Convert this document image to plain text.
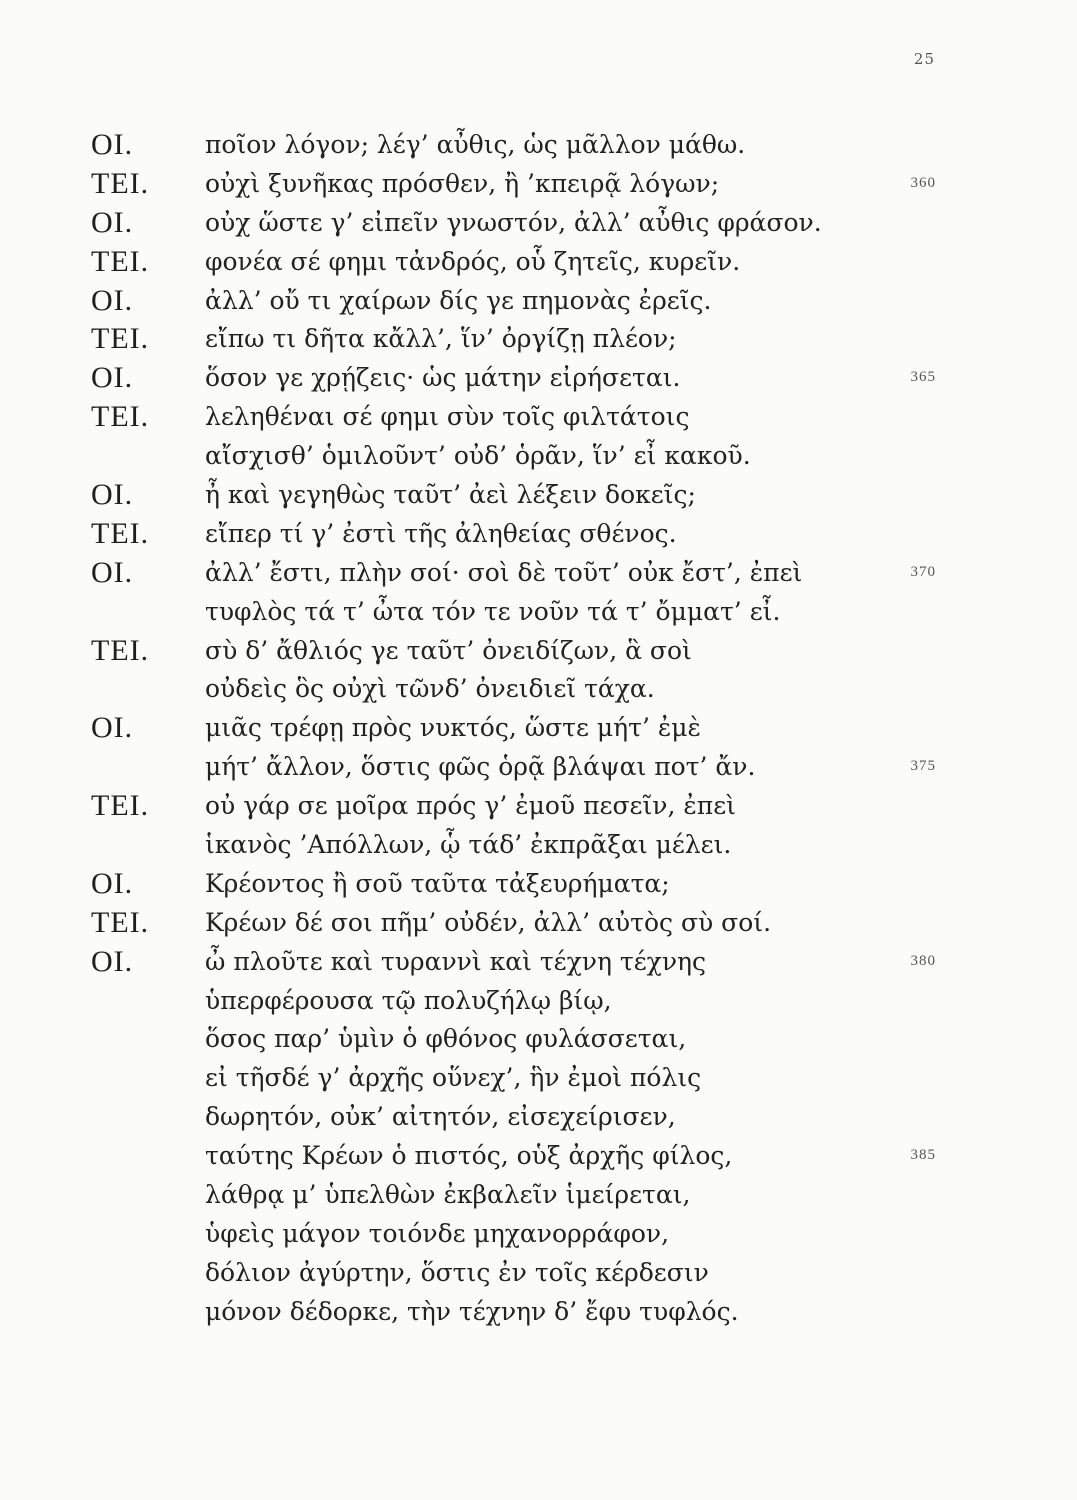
25
ΟΙ.	ποῖον λόγον; λέγ’ αὖθις, ὡς μᾶλλον μάθω.
ΤΕΙ. οὐχὶ ξυνῆκας πρόσθεν, ἢ ’κπειρᾷ λόγων;	360
ΟΙ.	οὐχ ὥστε γ’ εἰπεῖν γνωστόν, ἀλλ’ αὖθις φράσον.
ΤΕΙ. φονέα σέ φημι τἀνδρός, οὗ ζητεῖς, κυρεῖν.
ΟΙ.	ἀλλ’ οὔ τι χαίρων δίς γε πημονὰς ἐρεῖς.
ΤΕΙ. εἴπω τι δῆτα κἄλλ’, ἵν’ ὀργίζῃ πλέον;
ΟΙ.	ὅσον γε χρῄζεις· ὡς μάτην εἰρήσεται.	365
ΤΕΙ. λεληθέναι σέ φημι σὺν τοῖς φιλτάτοις
αἴσχισθ’ ὁμιλοῦντ’ οὐδ’ ὁρᾶν, ἵν’ εἶ κακοῦ.
ΟΙ.	ἦ καὶ γεγηθὼς ταῦτ’ ἀεὶ λέξειν δοκεῖς;
ΤΕΙ. εἴπερ τί γ’ ἐστὶ τῆς ἀληθείας σθένος.
ΟΙ.	ἀλλ’ ἔστι, πλὴν σοί· σοὶ δὲ τοῦτ’ οὐκ ἔστ’, ἐπεὶ	370
τυφλὸς τά τ’ ὦτα τόν τε νοῦν τά τ’ ὄμματ’ εἶ.
ΤΕΙ. σὺ δ’ ἄθλιός γε ταῦτ’ ὀνειδίζων, ἃ σοὶ
οὐδεὶς ὃς οὐχὶ τῶνδ’ ὀνειδιεῖ τάχα.
ΟΙ.	μιᾶς τρέφῃ πρὸς νυκτός, ὥστε μήτ’ ἐμὲ
μήτ’ ἄλλον, ὅστις φῶς ὁρᾷ βλάψαι ποτ’ ἄν.	375
ΤΕΙ. οὐ γάρ σε μοῖρα πρός γ’ ἐμοῦ πεσεῖν, ἐπεὶ
ἱκανὸς ’Απόλλων, ᾧ τάδ’ ἐκπρᾶξαι μέλει.
ΟΙ.	Κρέοντος ἢ σοῦ ταῦτα τἀξευρήματα;
ΤΕΙ. Κρέων δέ σοι πῆμ’ οὐδέν, ἀλλ’ αὐτὸς σὺ σοί.
ΟΙ.	ὦ πλοῦτε καὶ τυραννὶ καὶ τέχνη τέχνης	380
ὑπερφέρουσα τῷ πολυζήλῳ βίῳ,
ὅσος παρ’ ὑμὶν ὁ φθόνος φυλάσσεται,
εἰ τῆσδέ γ’ ἀρχῆς οὕνεχ’, ἣν ἐμοὶ πόλις
δωρητόν, οὐκ’ αἰτητόν, εἰσεχείρισεν,
ταύτης Κρέων ὁ πιστός, οὑξ ἀρχῆς φίλος,	385
λάθρᾳ μ’ ὑπελθὼν ἐκβαλεῖν ἱμείρεται,
ὑφεὶς μάγον τοιόνδε μηχανορράφον,
δόλιον ἀγύρτην, ὅστις ἐν τοῖς κέρδεσιν
μόνον δέδορκε, τὴν τέχνην δ’ ἔφυ τυφλός.
